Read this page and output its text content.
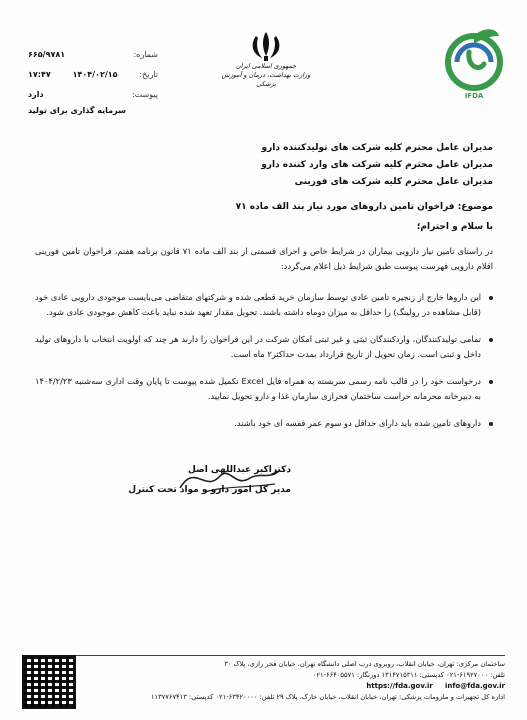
IFDA
جمهوری اسلامی ایران
وزارت بهداشت، درمان و آموزش پزشکی
شماره:
۶۶۵/۹۷۸۱
تاریخ:
۱۴۰۴/۰۲/۱۵
۱۷:۴۷
پیوست:
دارد
سرمایه گذاری برای تولید
مدیران عامل محترم کلیه شرکت های تولیدکننده دارو
مدیران عامل محترم کلیه شرکت های وارد کننده دارو
مدیران عامل محترم کلیه شرکت های فورینی
موضوع: فراخوان تامین داروهای مورد نیاز بند الف ماده ۷۱
با سلام و احترام؛
در راستای تامین نیاز دارویی بیماران در شرایط خاص و اجرای قسمتی از بند الف ماده ۷۱ قانون برنامه هفتم، فراخوان تامین فورینی اقلام دارویی فهرست پیوست طبق شرایط ذیل اعلام می‌گردد:
این داروها خارج از زنجیره تامین عادی توسط سازمان خرید قطعی شده و شرکتهای متقاضی می‌بایست موجودی دارویی عادی خود (قابل مشاهده در رولینگ) را حداقل به میزان دوماه داشته باشند. تحویل مقدار تعهد شده نباید باعث کاهش موجودی عادی شود.
تمامی تولیدکنندگان، واردکنندگان ثبتی و غیر ثبتی امکان شرکت در این فراخوان را دارند هر چند که اولویت انتخاب با داروهای تولید داخل و ثبتی است. زمان تحویل از تاریخ قرارداد بمدت حداکثر۲ ماه است.
درخواست خود را در قالب نامه رسمی سربسته به همراه فایل Excel تکمیل شده پیوست تا پایان وقت اداری سه‌شنبه ۱۴۰۴/۲/۲۳ به دبیرخانه محرمانه حراست ساختمان فخرازی سازمان غذا و دارو تحویل نمایید.
داروهای تامین شده باید دارای حداقل دو سوم عمر قفسه ای خود باشند.
دکتراکبر عبداللهی اصل
مدیر کل امور دارو و مواد تحت کنترل
ساختمان مرکزی: تهران، خیابان انقلاب، روبروی درب اصلی دانشگاه تهران، خیابان فخر رازی، پلاک ۳۰
تلفن: ۶۱۹۲۷۰۰۰-۰۲۱ کدپستی: ۱۳۱۴۷۱۵۳۱۱ دورنگار: ۶۶۴۰۵۵۷۱-۰۲۱
info@fda.gov.ir https://fda.gov.ir
اداره کل تجهیزات و ملزومات پزشکی: تهران، خیابان انقلاب، خیابان خارک، پلاک ۲۹ تلفن: ۶۳۴۲۰۰۰۰-۰۲۱ کدپستی: ۱۱۳۷۷۶۷۴۱۳
